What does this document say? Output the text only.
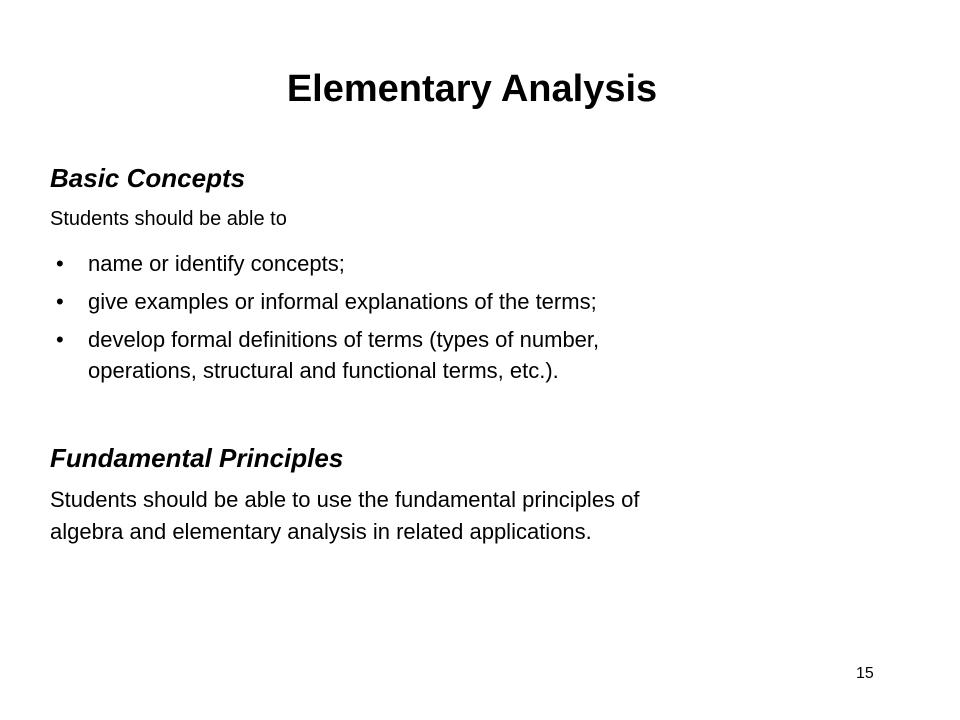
Elementary Analysis
Basic Concepts
Students should be able to
• name or identify concepts;
• give examples or informal explanations of the terms;
• develop formal definitions of terms (types of number,
operations, structural and functional terms, etc.).
Fundamental Principles
Students should be able to use the fundamental principles of
algebra and elementary analysis in related applications.
15
